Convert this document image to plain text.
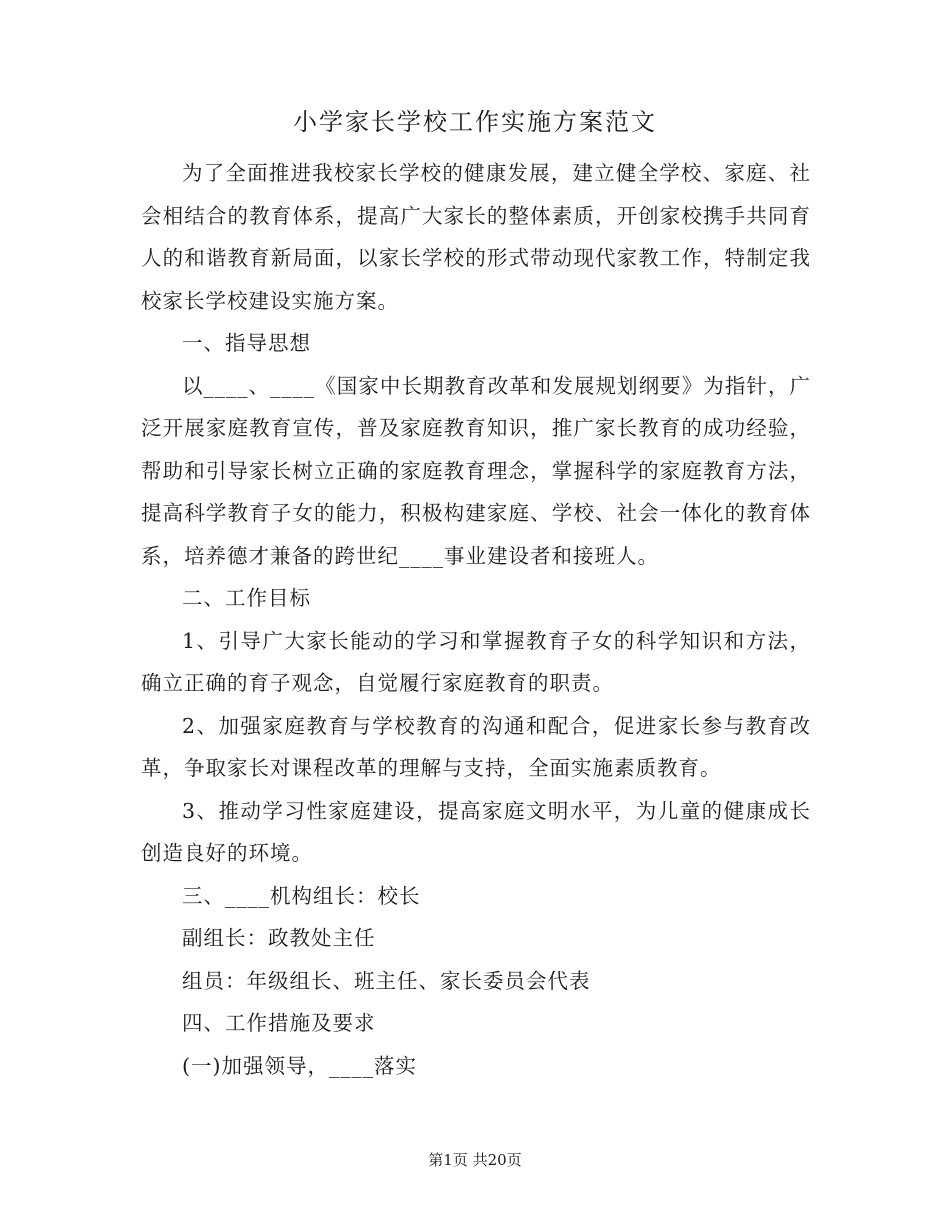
小学家长学校工作实施方案范文

为了全面推进我校家长学校的健康发展，建立健全学校、家庭、社会相结合的教育体系，提高广大家长的整体素质，开创家校携手共同育人的和谐教育新局面，以家长学校的形式带动现代家教工作，特制定我校家长学校建设实施方案。

一、指导思想

以____、____《国家中长期教育改革和发展规划纲要》为指针，广泛开展家庭教育宣传，普及家庭教育知识，推广家长教育的成功经验，帮助和引导家长树立正确的家庭教育理念，掌握科学的家庭教育方法，提高科学教育子女的能力，积极构建家庭、学校、社会一体化的教育体系，培养德才兼备的跨世纪____事业建设者和接班人。

二、工作目标

1、引导广大家长能动的学习和掌握教育子女的科学知识和方法，确立正确的育子观念，自觉履行家庭教育的职责。

2、加强家庭教育与学校教育的沟通和配合，促进家长参与教育改革，争取家长对课程改革的理解与支持，全面实施素质教育。

3、推动学习性家庭建设，提高家庭文明水平，为儿童的健康成长创造良好的环境。

三、____机构组长：校长

副组长：政教处主任

组员：年级组长、班主任、家长委员会代表

四、工作措施及要求

(一)加强领导，____落实

第1页 共20页
